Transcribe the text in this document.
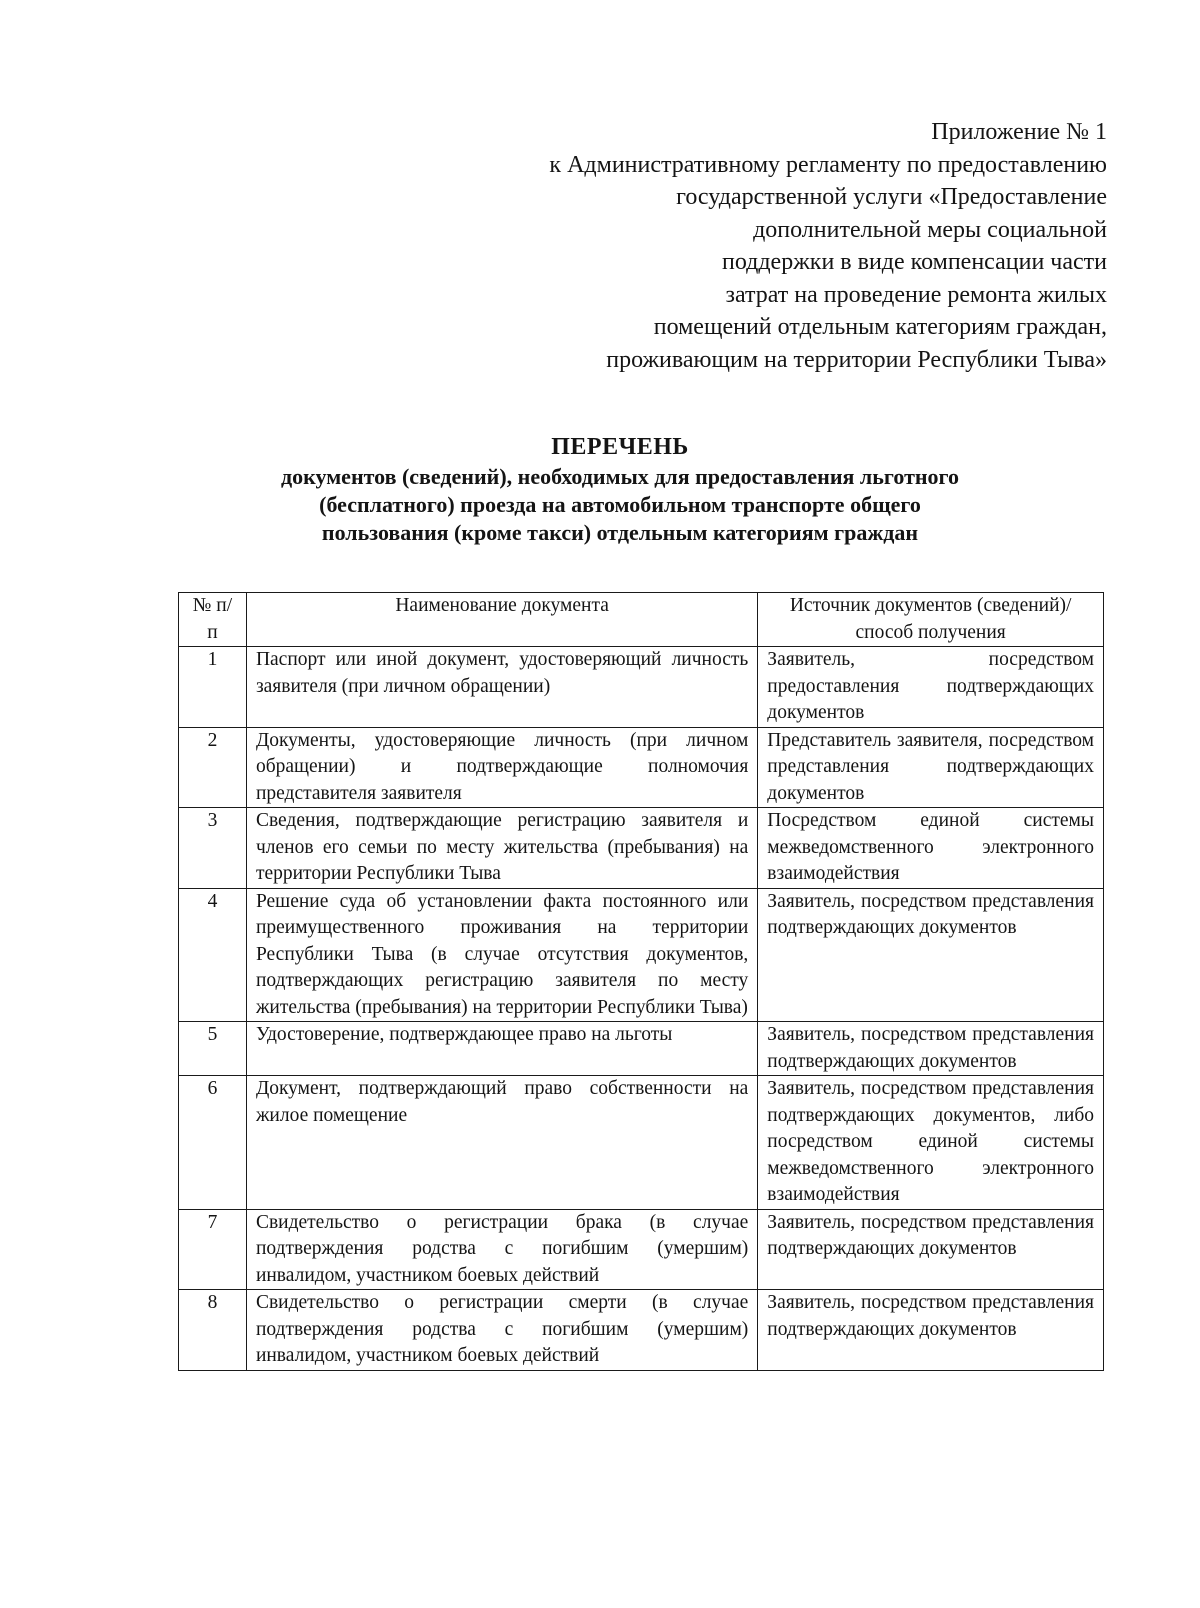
Приложение № 1
к Административному регламенту по предоставлению
государственной услуги «Предоставление
дополнительной меры социальной
поддержки в виде компенсации части
затрат на проведение ремонта жилых
помещений отдельным категориям граждан,
проживающим на территории Республики Тыва»
ПЕРЕЧЕНЬ
документов (сведений), необходимых для предоставления льготного
(бесплатного) проезда на автомобильном транспорте общего
пользования (кроме такси) отдельным категориям граждан
№ п/п	Наименование документа	Источник документов (сведений)/способ получения
1	Паспорт или иной документ, удостоверяющий личность заявителя (при личном обращении)	Заявитель, посредством предоставления подтверждающих документов
2	Документы, удостоверяющие личность (при личном обращении) и подтверждающие полномочия представителя заявителя	Представитель заявителя, посредством представления подтверждающих документов
3	Сведения, подтверждающие регистрацию заявителя и членов его семьи по месту жительства (пребывания) на территории Республики Тыва	Посредством единой системы межведомственного электронного взаимодействия
4	Решение суда об установлении факта постоянного или преимущественного проживания на территории Республики Тыва (в случае отсутствия документов, подтверждающих регистрацию заявителя по месту жительства (пребывания) на территории Республики Тыва)	Заявитель, посредством представления подтверждающих документов
5	Удостоверение, подтверждающее право на льготы	Заявитель, посредством представления подтверждающих документов
6	Документ, подтверждающий право собственности на жилое помещение	Заявитель, посредством представления подтверждающих документов, либо посредством единой системы межведомственного электронного взаимодействия
7	Свидетельство о регистрации брака (в случае подтверждения родства с погибшим (умершим) инвалидом, участником боевых действий	Заявитель, посредством представления подтверждающих документов
8	Свидетельство о регистрации смерти (в случае подтверждения родства с погибшим (умершим) инвалидом, участником боевых действий	Заявитель, посредством представления подтверждающих документов
